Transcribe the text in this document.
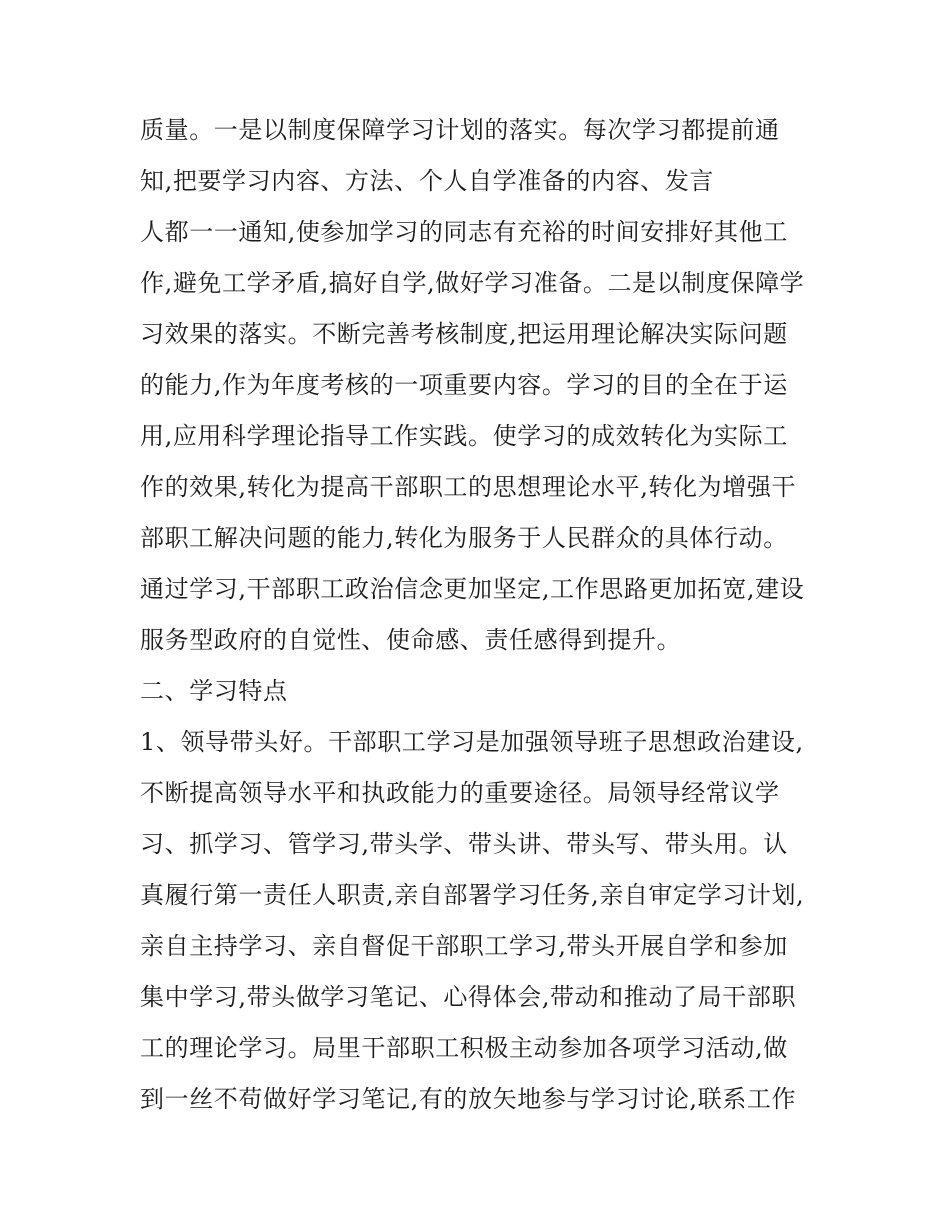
质量。一是以制度保障学习计划的落实。每次学习都提前通
知,把要学习内容、方法、个人自学准备的内容、发言
人都一一通知,使参加学习的同志有充裕的时间安排好其他工
作,避免工学矛盾,搞好自学,做好学习准备。二是以制度保障学
习效果的落实。不断完善考核制度,把运用理论解决实际问题
的能力,作为年度考核的一项重要内容。学习的目的全在于运
用,应用科学理论指导工作实践。使学习的成效转化为实际工
作的效果,转化为提高干部职工的思想理论水平,转化为增强干
部职工解决问题的能力,转化为服务于人民群众的具体行动。
通过学习,干部职工政治信念更加坚定,工作思路更加拓宽,建设
服务型政府的自觉性、使命感、责任感得到提升。
二、学习特点
1、领导带头好。干部职工学习是加强领导班子思想政治建设,
不断提高领导水平和执政能力的重要途径。局领导经常议学
习、抓学习、管学习,带头学、带头讲、带头写、带头用。认
真履行第一责任人职责,亲自部署学习任务,亲自审定学习计划,
亲自主持学习、亲自督促干部职工学习,带头开展自学和参加
集中学习,带头做学习笔记、心得体会,带动和推动了局干部职
工的理论学习。局里干部职工积极主动参加各项学习活动,做
到一丝不苟做好学习笔记,有的放矢地参与学习讨论,联系工作
